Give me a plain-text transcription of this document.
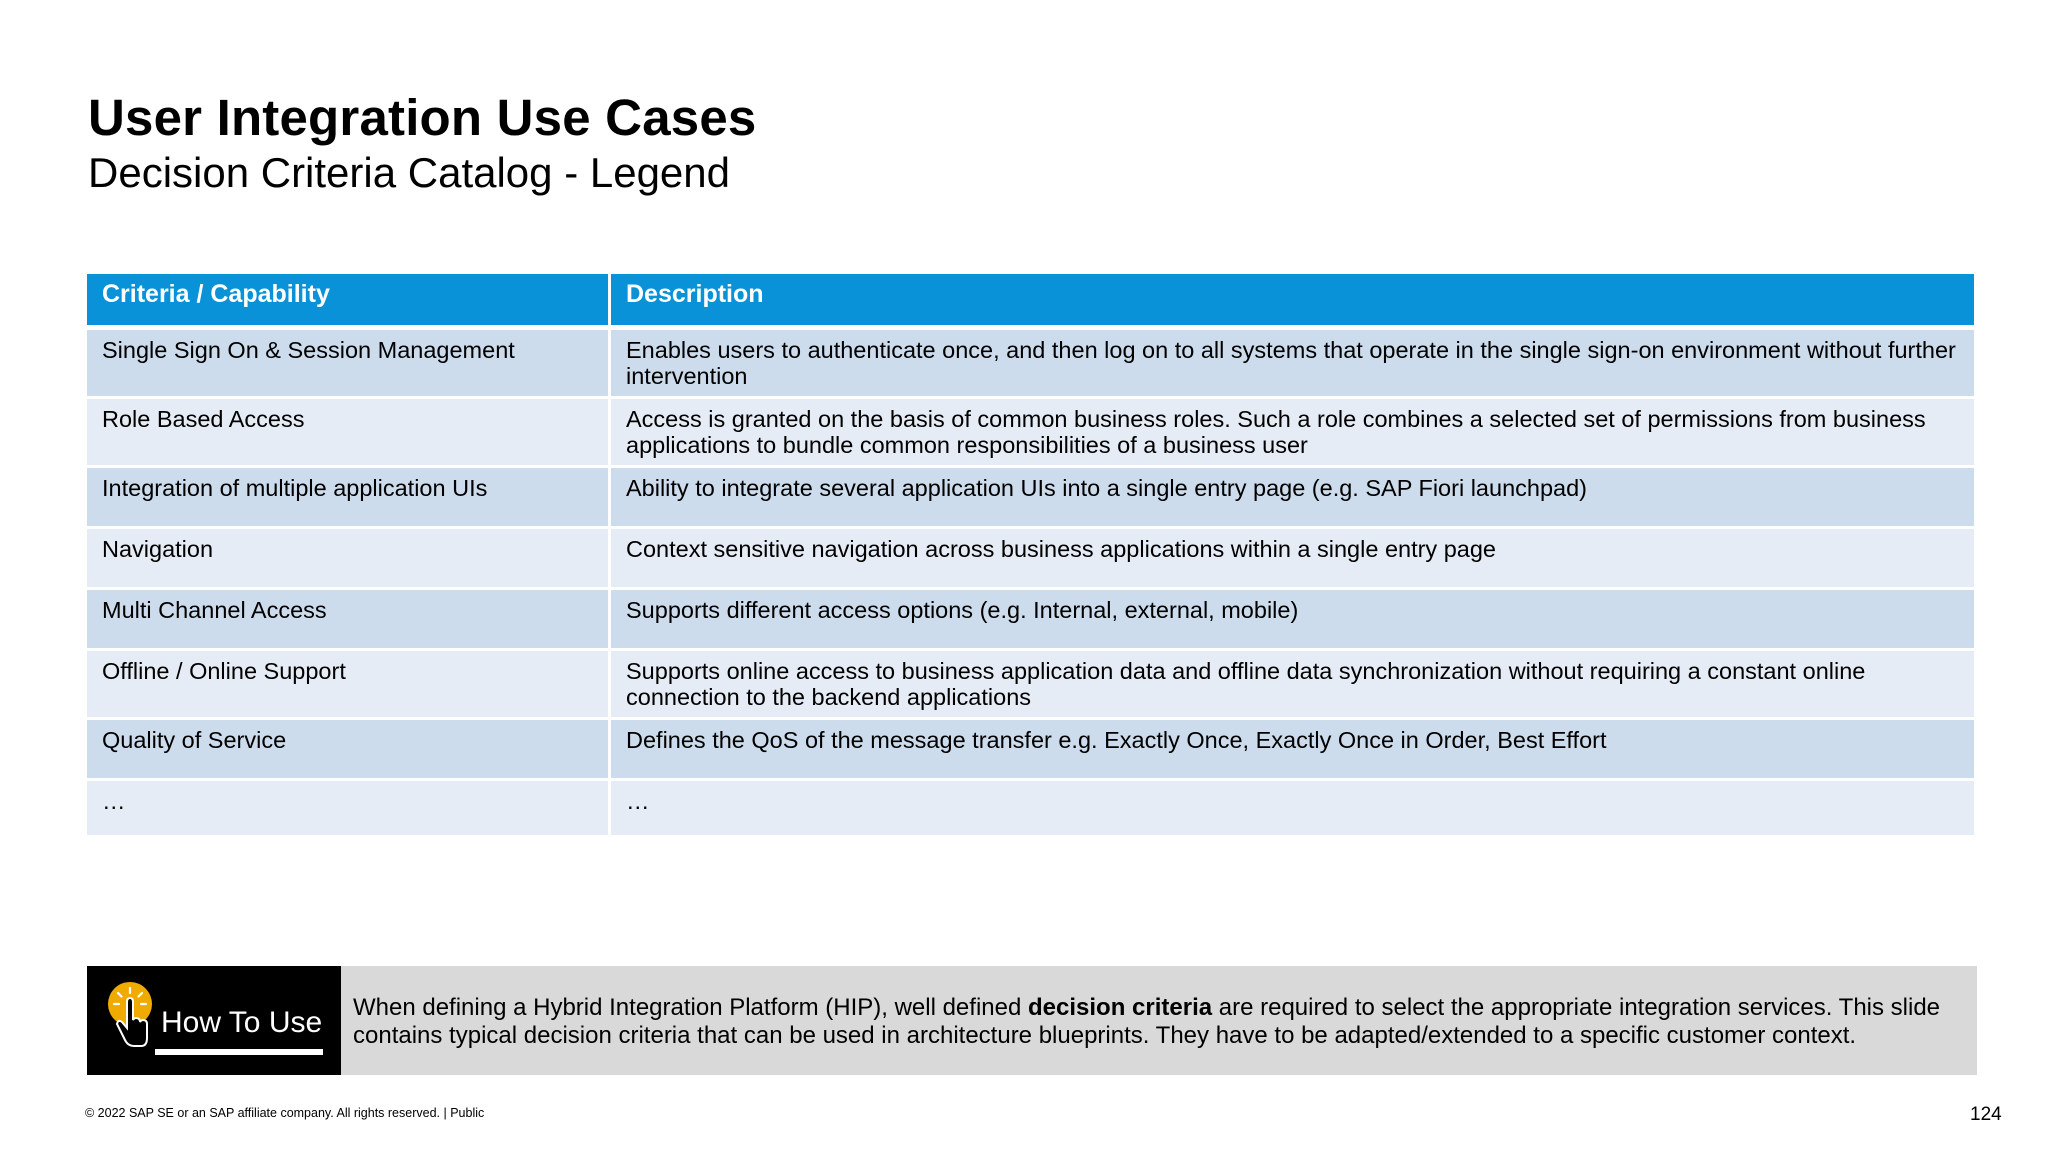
User Integration Use Cases
Decision Criteria Catalog - Legend
Criteria / Capability	Description
Single Sign On & Session Management	Enables users to authenticate once, and then log on to all systems that operate in the single sign-on environment without further intervention
Role Based Access	Access is granted on the basis of common business roles. Such a role combines a selected set of permissions from business applications to bundle common responsibilities of a business user
Integration of multiple application UIs	Ability to integrate several application UIs into a single entry page (e.g. SAP Fiori launchpad)
Navigation	Context sensitive navigation across business applications within a single entry page
Multi Channel Access	Supports different access options (e.g. Internal, external, mobile)
Offline / Online Support	Supports online access to business application data and offline data synchronization without requiring a constant online connection to the backend applications
Quality of Service	Defines the QoS of the message transfer e.g. Exactly Once, Exactly Once in Order, Best Effort
…	…
How To Use	When defining a Hybrid Integration Platform (HIP), well defined decision criteria are required to select the appropriate integration services. This slide contains typical decision criteria that can be used in architecture blueprints. They have to be adapted/extended to a specific customer context.
© 2022 SAP SE or an SAP affiliate company. All rights reserved. | Public	124
